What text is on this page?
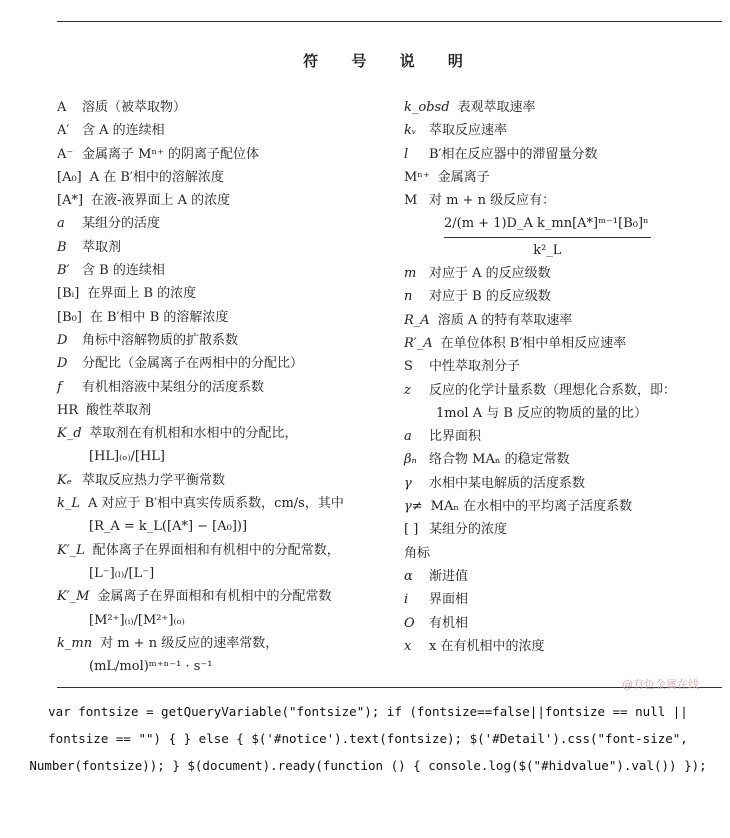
符 号 说 明
A	溶质（被萃取物）
A′ 含 A 的连续相
A⁻ 金属离子 Mⁿ⁺ 的阴离子配位体
[A₀] A 在 B′相中的溶解浓度
[A*] 在液-液界面上 A 的浓度
a	某组分的活度
B	萃取剂
B′ 含 B 的连续相
[Bᵢ] 在界面上 B 的浓度
[B₀] 在 B′相中 B 的溶解浓度
D	角标中溶解物质的扩散系数
D	分配比（金属离子在两相中的分配比）
f	有机相溶液中某组分的活度系数
HR 酸性萃取剂
K_d 萃取剂在有机相和水相中的分配比，
[HL]₍ₒ₎/[HL]
Kₑ 萃取反应热力学平衡常数
k_L A 对应于 B′相中真实传质系数，cm/s，其中
[R_A = k_L([A*] − [A₀])]
K′_L 配体离子在界面相和有机相中的分配常数，
[L⁻]₍ₗ₎/[L⁻]
K′_M 金属离子在界面相和有机相中的分配常数
[M²⁺]₍ᵢ₎/[M²⁺]₍ₒ₎
k_mn 对 m + n 级反应的速率常数，
(mL/mol)ᵐ⁺ⁿ⁻¹ · s⁻¹
k_obsd 表观萃取速率
kᵥ 萃取反应速率
l	B′相在反应器中的滞留量分数
Mⁿ⁺ 金属离子
M 对 m + n 级反应有：
$\frac{\text{2/(m + 1)D\_A k\_mn[A*]ᵐ⁻¹[B₀]ⁿ}}{\text{k²\_L}}$
m 对应于 A 的反应级数
n	对应于 B 的反应级数
R_A 溶质 A 的特有萃取速率
R′_A 在单位体积 B′相中单相反应速率
S	中性萃取剂分子
z	反应的化学计量系数（理想化合系数，即：
1mol A 与 B 反应的物质的量的比）
a	比界面积
βₙ 络合物 MAₙ 的稳定常数
γ	水相中某电解质的活度系数
γ≠ MAₙ 在水相中的平均离子活度系数
[ ] 某组分的浓度
角标
α	渐进值
i	界面相
O	有机相
x	x 在有机相中的浓度
@有色金属在线
var fontsize = getQueryVariable("fontsize"); if (fontsize==false||fontsize == null || fontsize == "") { } else { $('#notice').text(fontsize); $('#Detail').css("font-size", Number(fontsize)); } $(document).ready(function () { console.log($("#hidvalue").val()) });
